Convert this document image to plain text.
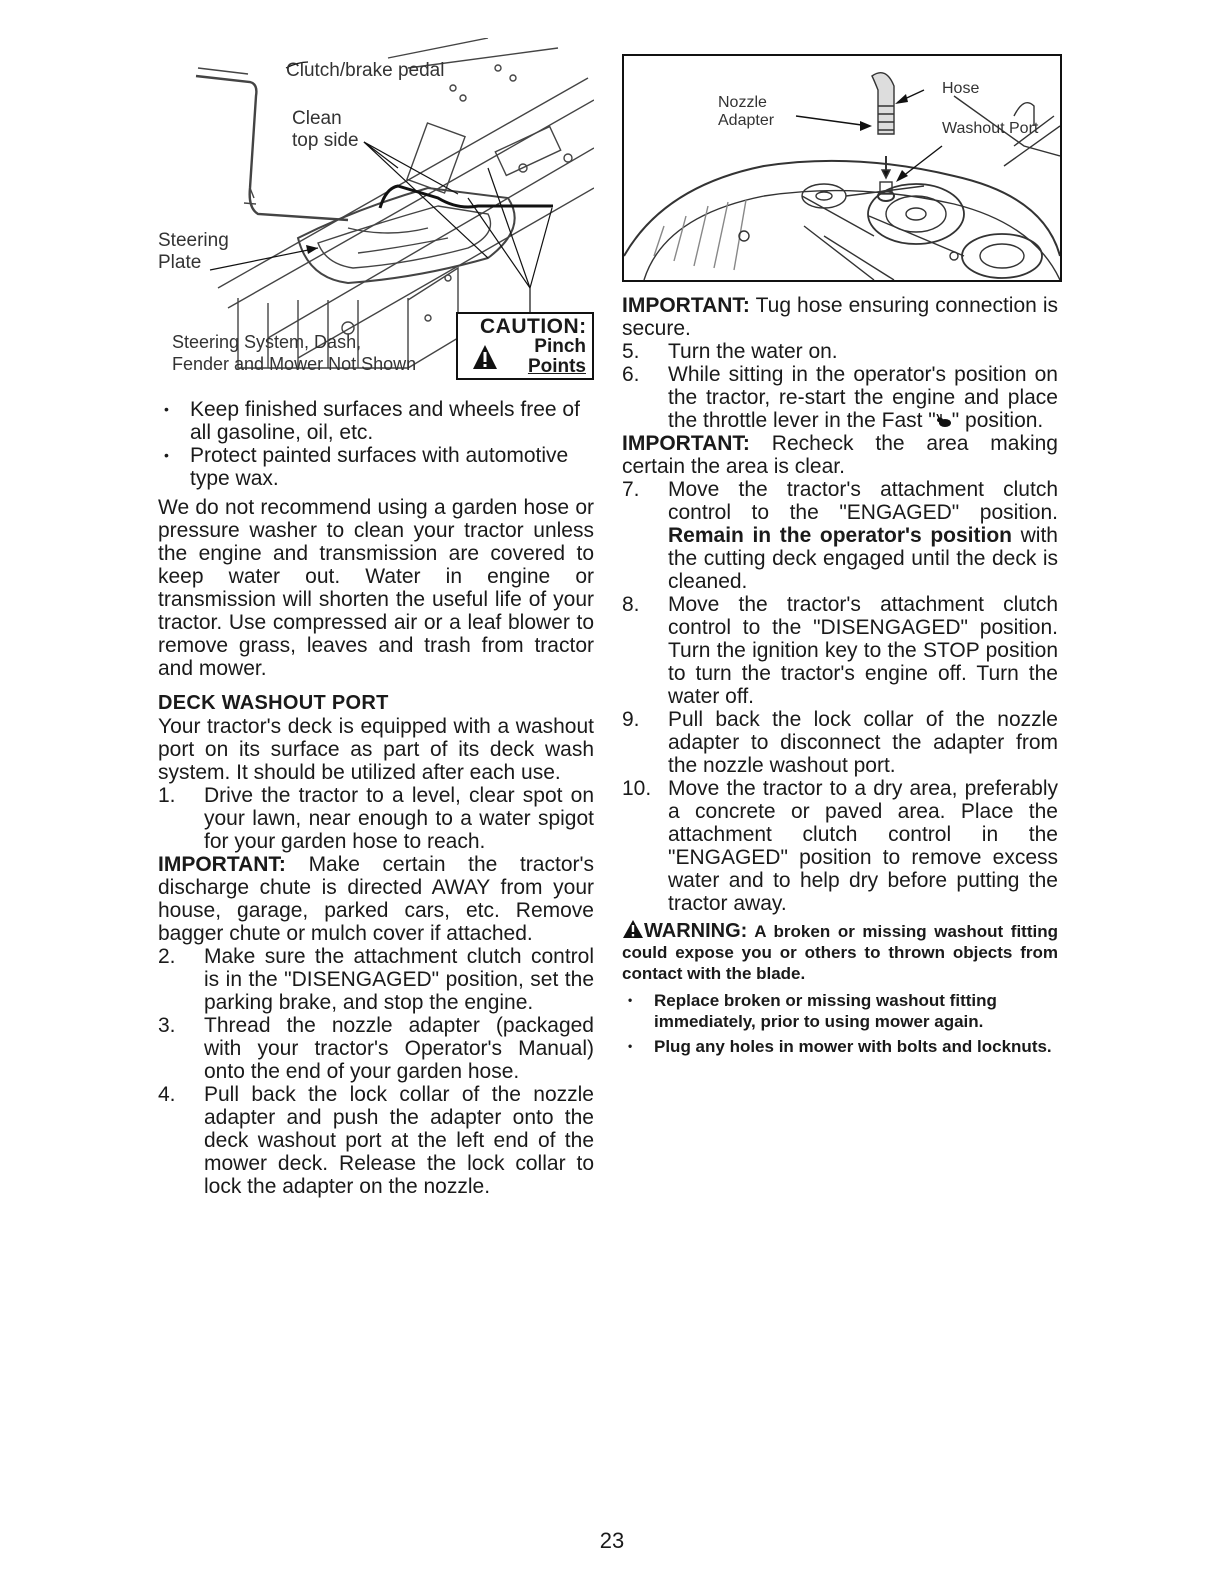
Clutch/brake pedal
Clean
top side
Steering
Plate
Steering System, Dash,
Fender and Mower Not Shown
CAUTION:
Pinch
Points
Nozzle
Adapter
Hose
Washout Port

• Keep finished surfaces and wheels free of all gasoline, oil, etc.

• Protect painted surfaces with automotive type wax.

We do not recommend using a garden hose or pressure washer to clean your tractor unless the engine and transmission are covered to keep water out. Water in engine or transmission will shorten the useful life of your tractor. Use compressed air or a leaf blower to remove grass, leaves and trash from tractor and mower.

DECK WASHOUT PORT

Your tractor's deck is equipped with a washout port on its surface as part of its deck wash system. It should be utilized after each use.

1. Drive the tractor to a level, clear spot on your lawn, near enough to a water spigot for your garden hose to reach.

IMPORTANT: Make certain the tractor's discharge chute is directed AWAY from your house, garage, parked cars, etc. Remove bagger chute or mulch cover if attached.

2. Make sure the attachment clutch control is in the "DISENGAGED" position, set the parking brake, and stop the engine.

3. Thread the nozzle adapter (packaged with your tractor's Operator's Manual) onto the end of your garden hose.

4. Pull back the lock collar of the nozzle adapter and push the adapter onto the deck washout port at the left end of the mower deck. Release the lock collar to lock the adapter on the nozzle.

IMPORTANT: Tug hose ensuring connection is secure.

5. Turn the water on.

6. While sitting in the operator's position on the tractor, re-start the engine and place the throttle lever in the Fast " " position.

IMPORTANT: Recheck the area making certain the area is clear.

7. Move the tractor's attachment clutch control to the "ENGAGED" position. Remain in the operator's position with the cutting deck engaged until the deck is cleaned.

8. Move the tractor's attachment clutch control to the "DISENGAGED" position. Turn the ignition key to the STOP position to turn the tractor's engine off. Turn the water off.

9. Pull back the lock collar of the nozzle adapter to disconnect the adapter from the nozzle washout port.

10. Move the tractor to a dry area, preferably a concrete or paved area. Place the attachment clutch control in the "ENGAGED" position to remove excess water and to help dry before putting the tractor away.

WARNING: A broken or missing washout fitting could expose you or others to thrown objects from contact with the blade.

• Replace broken or missing washout fitting immediately, prior to using mower again.

• Plug any holes in mower with bolts and locknuts.

23
